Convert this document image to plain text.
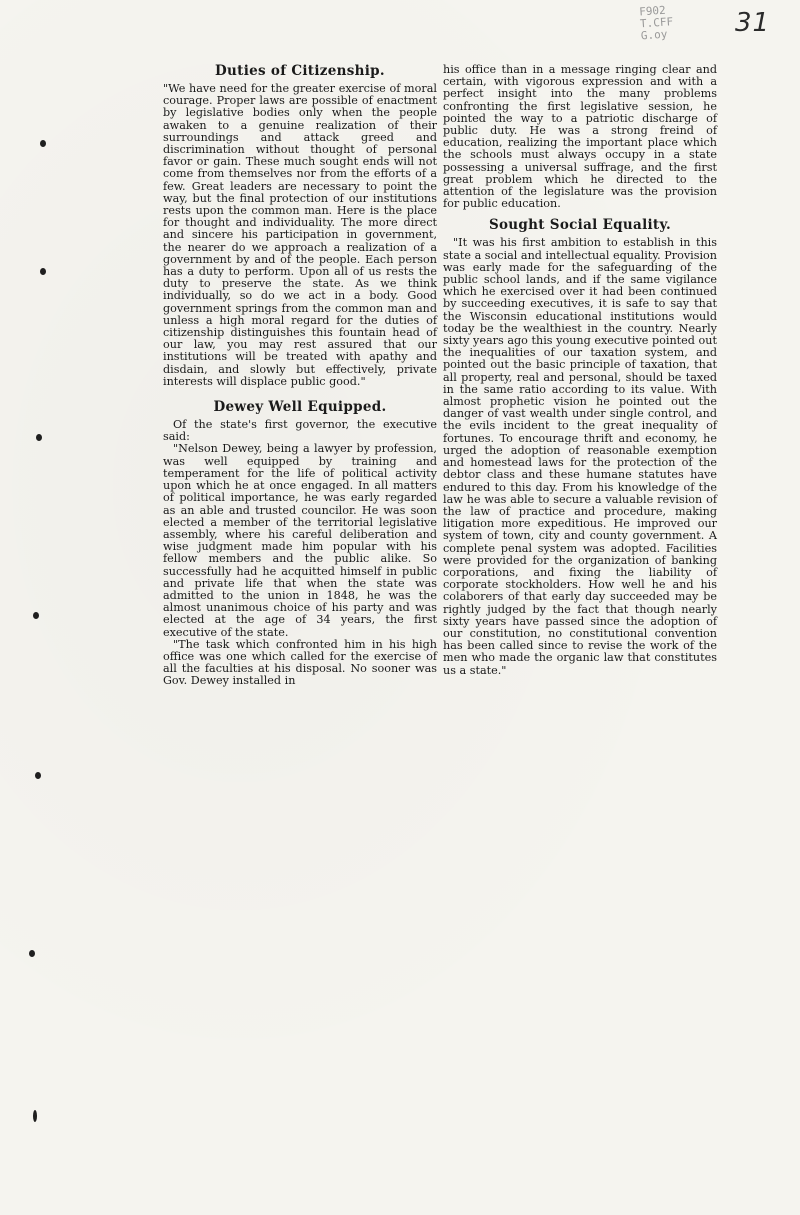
F902
T.CFF
G.oy	31
Duties of Citizenship.

"We have need for the greater exercise of moral courage. Proper laws are possible of enactment by legislative bodies only when the people awaken to a genuine realization of their surroundings and attack greed and discrimination without thought of personal favor or gain. These much sought ends will not come from themselves nor from the efforts of a few. Great leaders are necessary to point the way, but the final protection of our institutions rests upon the common man. Here is the place for thought and individuality. The more direct and sincere his participation in government, the nearer do we approach a realization of a government by and of the people. Each person has a duty to perform. Upon all of us rests the duty to preserve the state. As we think individually, so do we act in a body. Good government springs from the common man and unless a high moral regard for the duties of citizenship distinguishes this fountain head of our law, you may rest assured that our institutions will be treated with apathy and disdain, and slowly but effectively, private interests will displace public good."

Dewey Well Equipped.

Of the state's first governor, the executive said:

"Nelson Dewey, being a lawyer by profession, was well equipped by training and temperament for the life of political activity upon which he at once engaged. In all matters of political importance, he was early regarded as an able and trusted councilor. He was soon elected a member of the territorial legislative assembly, where his careful deliberation and wise judgment made him popular with his fellow members and the public alike. So successfully had he acquitted himself in public and private life that when the state was admitted to the union in 1848, he was the almost unanimous choice of his party and was elected at the age of 34 years, the first executive of the state.

"The task which confronted him in his high office was one which called for the exercise of all the faculties at his disposal. No sooner was Gov. Dewey installed in

his office than in a message ringing clear and certain, with vigorous expression and with a perfect insight into the many problems confronting the first legislative session, he pointed the way to a patriotic discharge of public duty. He was a strong freind of education, realizing the important place which the schools must always occupy in a state possessing a universal suffrage, and the first great problem which he directed to the attention of the legislature was the provision for public education.

Sought Social Equality.

"It was his first ambition to establish in this state a social and intellectual equality. Provision was early made for the safeguarding of the public school lands, and if the same vigilance which he exercised over it had been continued by succeeding executives, it is safe to say that the Wisconsin educational institutions would today be the wealthiest in the country. Nearly sixty years ago this young executive pointed out the inequalities of our taxation system, and pointed out the basic principle of taxation, that all property, real and personal, should be taxed in the same ratio according to its value. With almost prophetic vision he pointed out the danger of vast wealth under single control, and the evils incident to the great inequality of fortunes. To encourage thrift and economy, he urged the adoption of reasonable exemption and homestead laws for the protection of the debtor class and these humane statutes have endured to this day. From his knowledge of the law he was able to secure a valuable revision of the law of practice and procedure, making litigation more expeditious. He improved our system of town, city and county government. A complete penal system was adopted. Facilities were provided for the organization of banking corporations, and fixing the liability of corporate stockholders. How well he and his colaborers of that early day succeeded may be rightly judged by the fact that though nearly sixty years have passed since the adoption of our constitution, no constitutional convention has been called since to revise the work of the men who made the organic law that constitutes us a state."
